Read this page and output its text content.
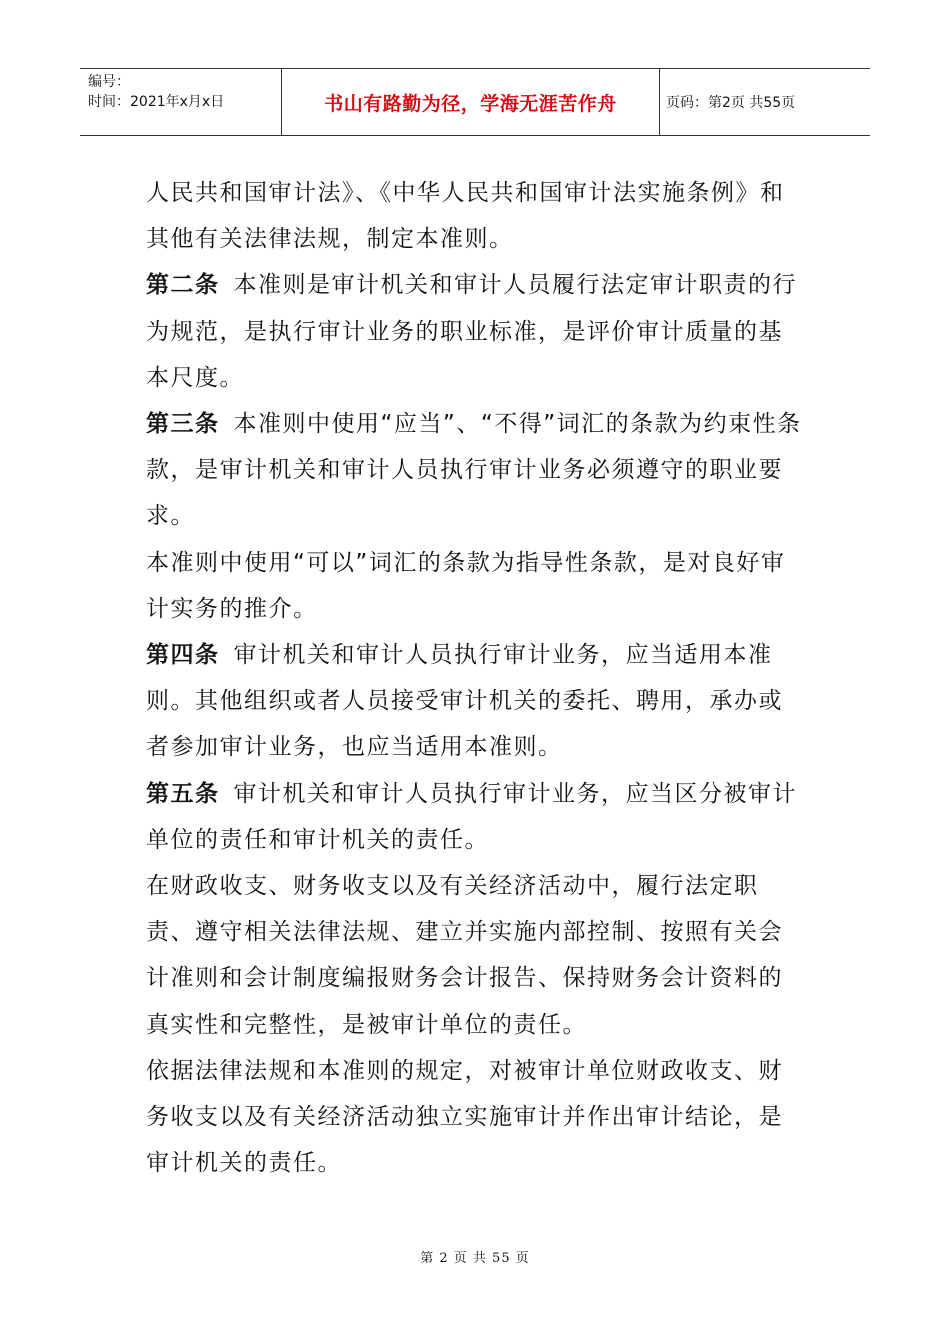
编号：
时间：2021年x月x日	书山有路勤为径，学海无涯苦作舟	页码：第2页 共55页

人民共和国审计法》、《中华人民共和国审计法实施条例》和其他有关法律法规，制定本准则。

第二条 本准则是审计机关和审计人员履行法定审计职责的行为规范，是执行审计业务的职业标准，是评价审计质量的基本尺度。

第三条 本准则中使用“应当”、“不得”词汇的条款为约束性条款，是审计机关和审计人员执行审计业务必须遵守的职业要求。

本准则中使用“可以”词汇的条款为指导性条款，是对良好审计实务的推介。

第四条 审计机关和审计人员执行审计业务，应当适用本准则。其他组织或者人员接受审计机关的委托、聘用，承办或者参加审计业务，也应当适用本准则。

第五条 审计机关和审计人员执行审计业务，应当区分被审计单位的责任和审计机关的责任。

在财政收支、财务收支以及有关经济活动中，履行法定职责、遵守相关法律法规、建立并实施内部控制、按照有关会计准则和会计制度编报财务会计报告、保持财务会计资料的真实性和完整性，是被审计单位的责任。

依据法律法规和本准则的规定，对被审计单位财政收支、财务收支以及有关经济活动独立实施审计并作出审计结论，是审计机关的责任。

第 2 页 共 55 页
